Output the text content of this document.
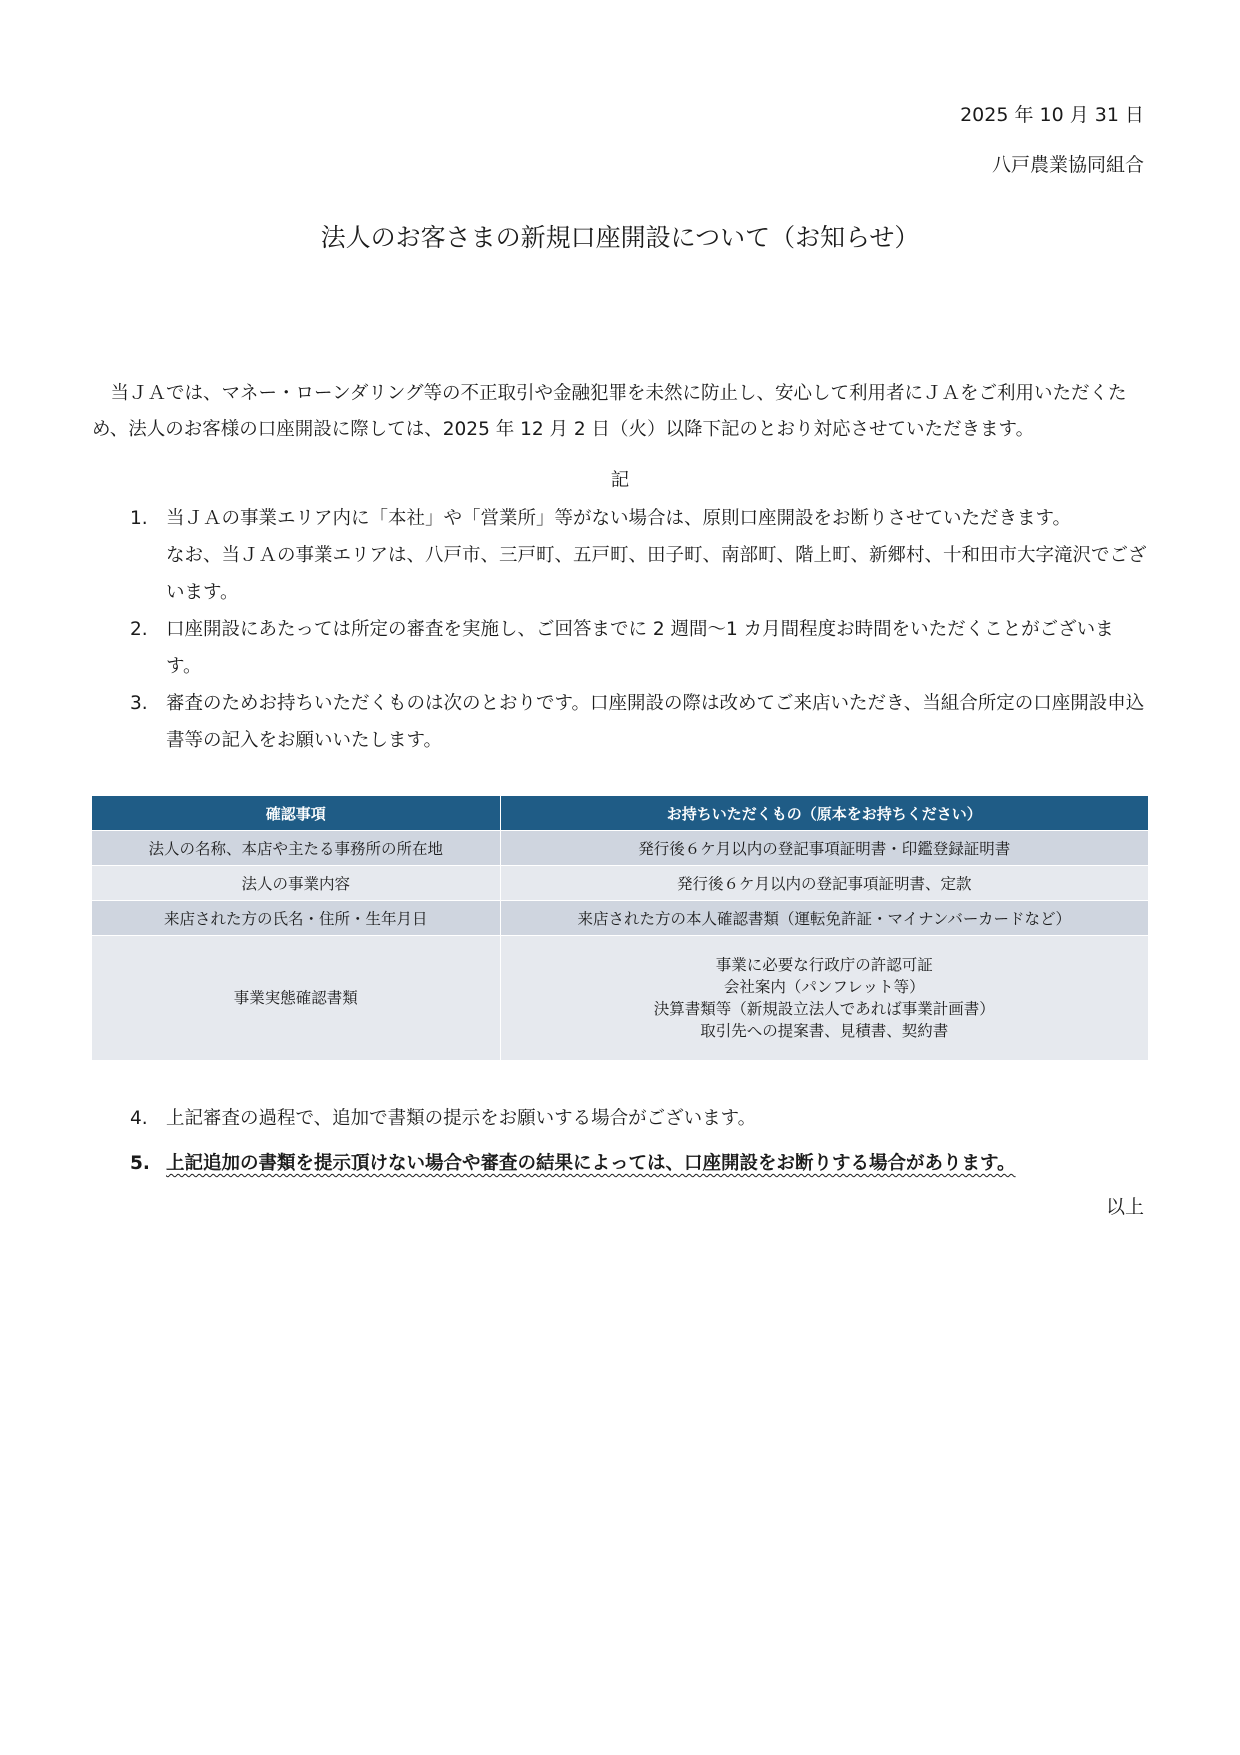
2025 年 10 月 31 日
八戸農業協同組合
法人のお客さまの新規口座開設について（お知らせ）

当ＪＡでは、マネー・ローンダリング等の不正取引や金融犯罪を未然に防止し、安心して利用者にＪＡをご利用いただくため、法人のお客様の口座開設に際しては、2025 年 12 月 2 日（火）以降下記のとおり対応させていただきます。

記
1. 当ＪＡの事業エリア内に「本社」や「営業所」等がない場合は、原則口座開設をお断りさせていただきます。
なお、当ＪＡの事業エリアは、八戸市、三戸町、五戸町、田子町、南部町、階上町、新郷村、十和田市大字滝沢でございます。
2. 口座開設にあたっては所定の審査を実施し、ご回答までに 2 週間～1 カ月間程度お時間をいただくことがございます。
3. 審査のためお持ちいただくものは次のとおりです。口座開設の際は改めてご来店いただき、当組合所定の口座開設申込書等の記入をお願いいたします。
確認事項	お持ちいただくもの（原本をお持ちください）
法人の名称、本店や主たる事務所の所在地	発行後６ケ月以内の登記事項証明書・印鑑登録証明書
法人の事業内容	発行後６ケ月以内の登記事項証明書、定款
来店された方の氏名・住所・生年月日	来店された方の本人確認書類（運転免許証・マイナンバーカードなど）
事業実態確認書類	事業に必要な行政庁の許認可証
会社案内（パンフレット等）
決算書類等（新規設立法人であれば事業計画書）
取引先への提案書、見積書、契約書
4. 上記審査の過程で、追加で書類の提示をお願いする場合がございます。
5. 上記追加の書類を提示頂けない場合や審査の結果によっては、口座開設をお断りする場合があります。
以上
